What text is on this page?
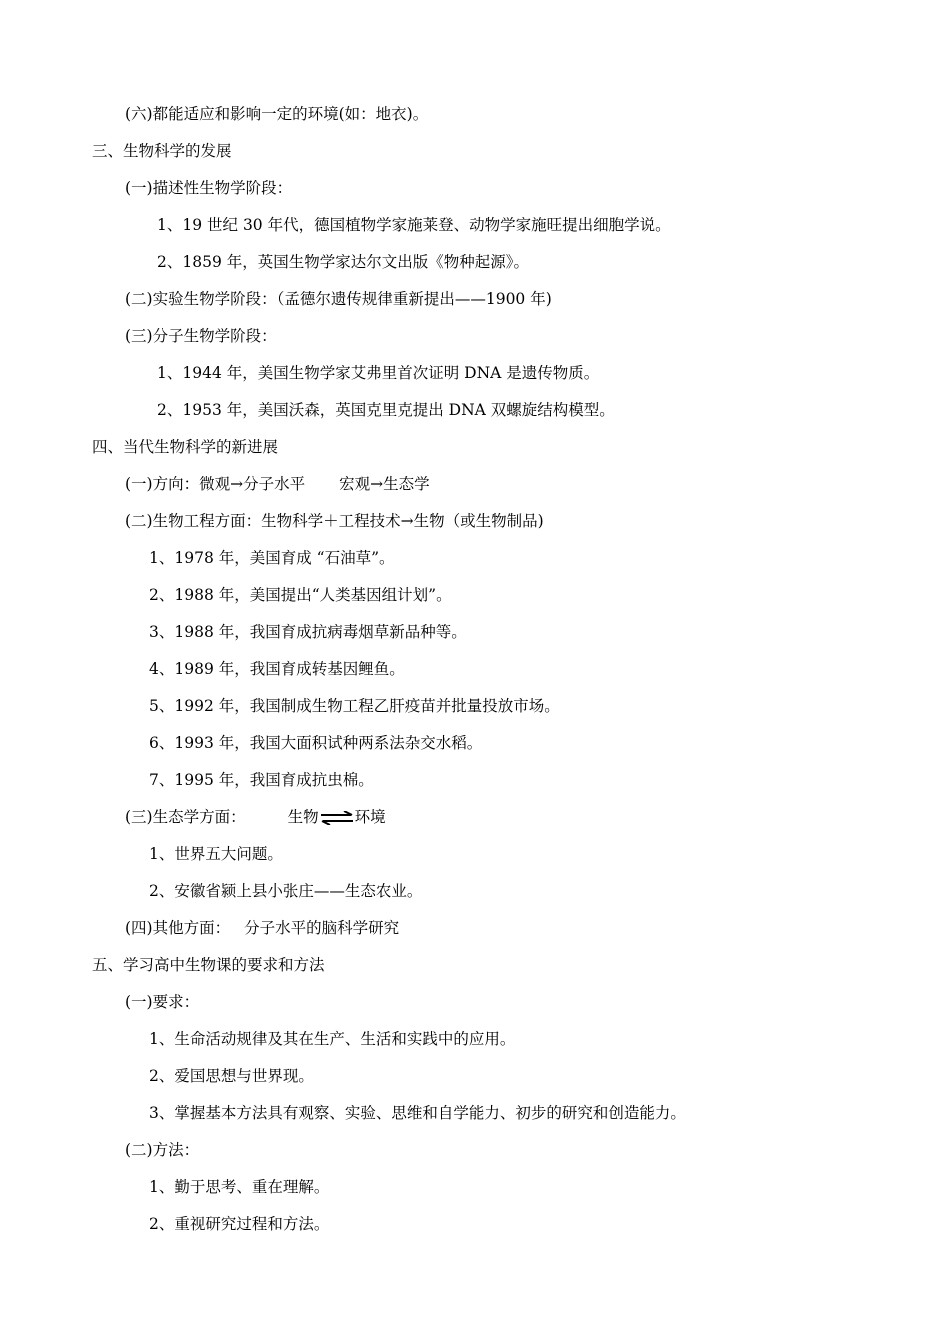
(六)都能适应和影响一定的环境(如：地衣)。
三、生物科学的发展
(一)描述性生物学阶段：
1、19 世纪 30 年代，德国植物学家施莱登、动物学家施旺提出细胞学说。
2、1859 年，英国生物学家达尔文出版《物种起源》。
(二)实验生物学阶段：（孟德尔遗传规律重新提出——1900 年)
(三)分子生物学阶段：
1、1944 年，美国生物学家艾弗里首次证明 DNA 是遗传物质。
2、1953 年，美国沃森，英国克里克提出 DNA 双螺旋结构模型。
四、当代生物科学的新进展
(一)方向：微观→分子水平 宏观→生态学
(二)生物工程方面：生物科学＋工程技术→生物（或生物制品)
1、1978 年，美国育成 “石油草”。
2、1988 年，美国提出“人类基因组计划”。
3、1988 年，我国育成抗病毒烟草新品种等。
4、1989 年，我国育成转基因鲤鱼。
5、1992 年，我国制成生物工程乙肝疫苗并批量投放市场。
6、1993 年，我国大面积试种两系法杂交水稻。
7、1995 年，我国育成抗虫棉。
(三)生态学方面：	生物⇌环境
1、世界五大问题。
2、安徽省颍上县小张庄——生态农业。
(四)其他方面： 分子水平的脑科学研究
五、学习高中生物课的要求和方法
(一)要求：
1、生命活动规律及其在生产、生活和实践中的应用。
2、爱国思想与世界现。
3、掌握基本方法具有观察、实验、思维和自学能力、初步的研究和创造能力。
(二)方法：
1、勤于思考、重在理解。
2、重视研究过程和方法。
